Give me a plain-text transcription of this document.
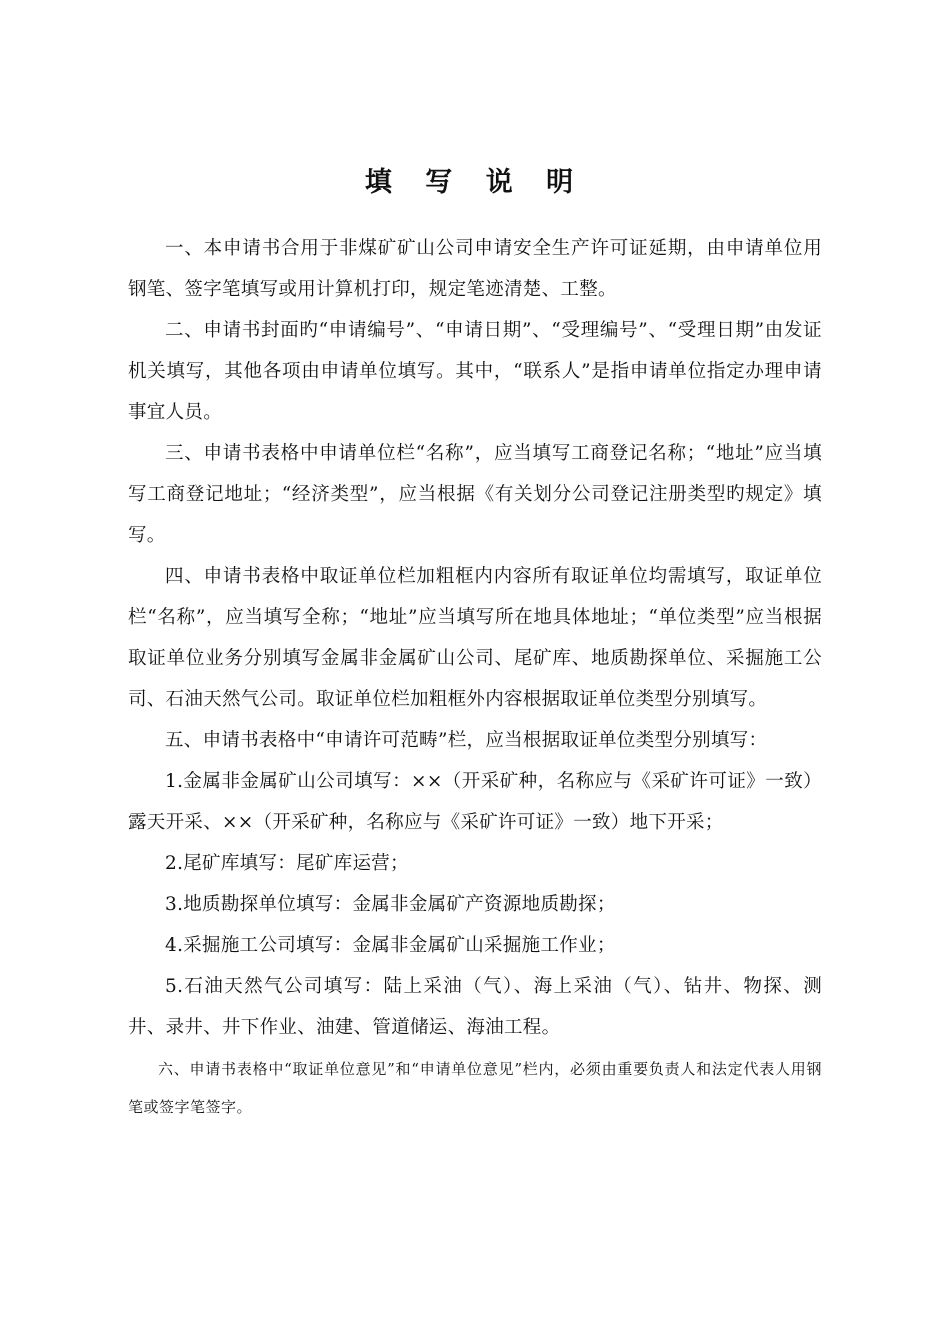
填 写 说 明

一、本申请书合用于非煤矿矿山公司申请安全生产许可证延期，由申请单位用钢笔、签字笔填写或用计算机打印，规定笔迹清楚、工整。

二、申请书封面旳“申请编号”、“申请日期”、“受理编号”、“受理日期”由发证机关填写，其他各项由申请单位填写。其中，“联系人”是指申请单位指定办理申请事宜人员。

三、申请书表格中申请单位栏“名称”，应当填写工商登记名称；“地址”应当填写工商登记地址；“经济类型”，应当根据《有关划分公司登记注册类型旳规定》填写。

四、申请书表格中取证单位栏加粗框内内容所有取证单位均需填写，取证单位栏“名称”，应当填写全称；“地址”应当填写所在地具体地址；“单位类型”应当根据取证单位业务分别填写金属非金属矿山公司、尾矿库、地质勘探单位、采掘施工公司、石油天然气公司。取证单位栏加粗框外内容根据取证单位类型分别填写。

五、申请书表格中“申请许可范畴”栏，应当根据取证单位类型分别填写：

1.金属非金属矿山公司填写：××（开采矿种，名称应与《采矿许可证》一致）露天开采、××（开采矿种，名称应与《采矿许可证》一致）地下开采；

2.尾矿库填写：尾矿库运营；

3.地质勘探单位填写：金属非金属矿产资源地质勘探；

4.采掘施工公司填写：金属非金属矿山采掘施工作业；

5.石油天然气公司填写：陆上采油（气）、海上采油（气）、钻井、物探、测井、录井、井下作业、油建、管道储运、海油工程。

六、申请书表格中“取证单位意见”和“申请单位意见”栏内，必须由重要负责人和法定代表人用钢笔或签字笔签字。
